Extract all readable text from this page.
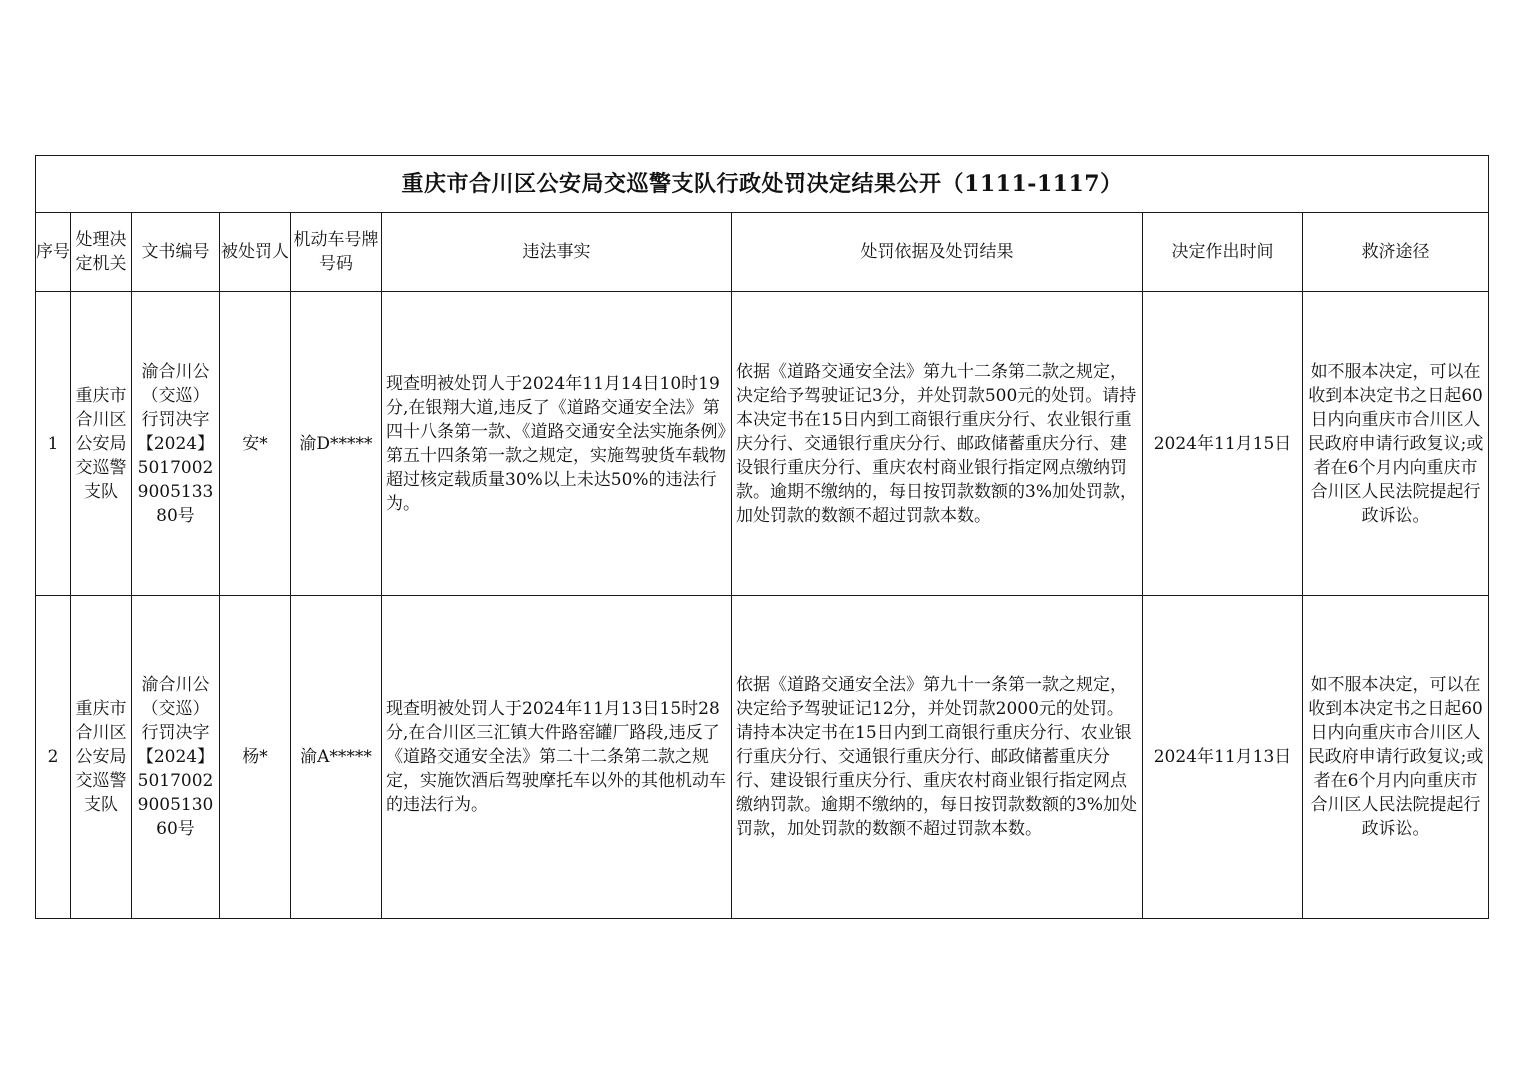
重庆市合川区公安局交巡警支队行政处罚决定结果公开（1111-1117）								
序号	处理决定机关	文书编号	被处罚人	机动车号牌号码	违法事实	处罚依据及处罚结果	决定作出时间	救济途径
1	重庆市合川区公安局交巡警支队	渝合川公（交巡）行罚决字【2024】5017002900513380号	安*	渝D*****	现查明被处罚人于2024年11月14日10时19分,在银翔大道,违反了《道路交通安全法》第四十八条第一款、《道路交通安全法实施条例》第五十四条第一款之规定，实施驾驶货车载物超过核定载质量30%以上未达50%的违法行为。	依据《道路交通安全法》第九十二条第二款之规定，决定给予驾驶证记3分，并处罚款500元的处罚。请持本决定书在15日内到工商银行重庆分行、农业银行重庆分行、交通银行重庆分行、邮政储蓄重庆分行、建设银行重庆分行、重庆农村商业银行指定网点缴纳罚款。逾期不缴纳的，每日按罚款数额的3%加处罚款，加处罚款的数额不超过罚款本数。	2024年11月15日	如不服本决定，可以在收到本决定书之日起60日内向重庆市合川区人民政府申请行政复议;或者在6个月内向重庆市合川区人民法院提起行政诉讼。
2	重庆市合川区公安局交巡警支队	渝合川公（交巡）行罚决字【2024】5017002900513060号	杨*	渝A*****	现查明被处罚人于2024年11月13日15时28分,在合川区三汇镇大件路窑罐厂路段,违反了《道路交通安全法》第二十二条第二款之规定，实施饮酒后驾驶摩托车以外的其他机动车的违法行为。	依据《道路交通安全法》第九十一条第一款之规定，决定给予驾驶证记12分，并处罚款2000元的处罚。请持本决定书在15日内到工商银行重庆分行、农业银行重庆分行、交通银行重庆分行、邮政储蓄重庆分行、建设银行重庆分行、重庆农村商业银行指定网点缴纳罚款。逾期不缴纳的，每日按罚款数额的3%加处罚款，加处罚款的数额不超过罚款本数。	2024年11月13日	如不服本决定，可以在收到本决定书之日起60日内向重庆市合川区人民政府申请行政复议;或者在6个月内向重庆市合川区人民法院提起行政诉讼。
